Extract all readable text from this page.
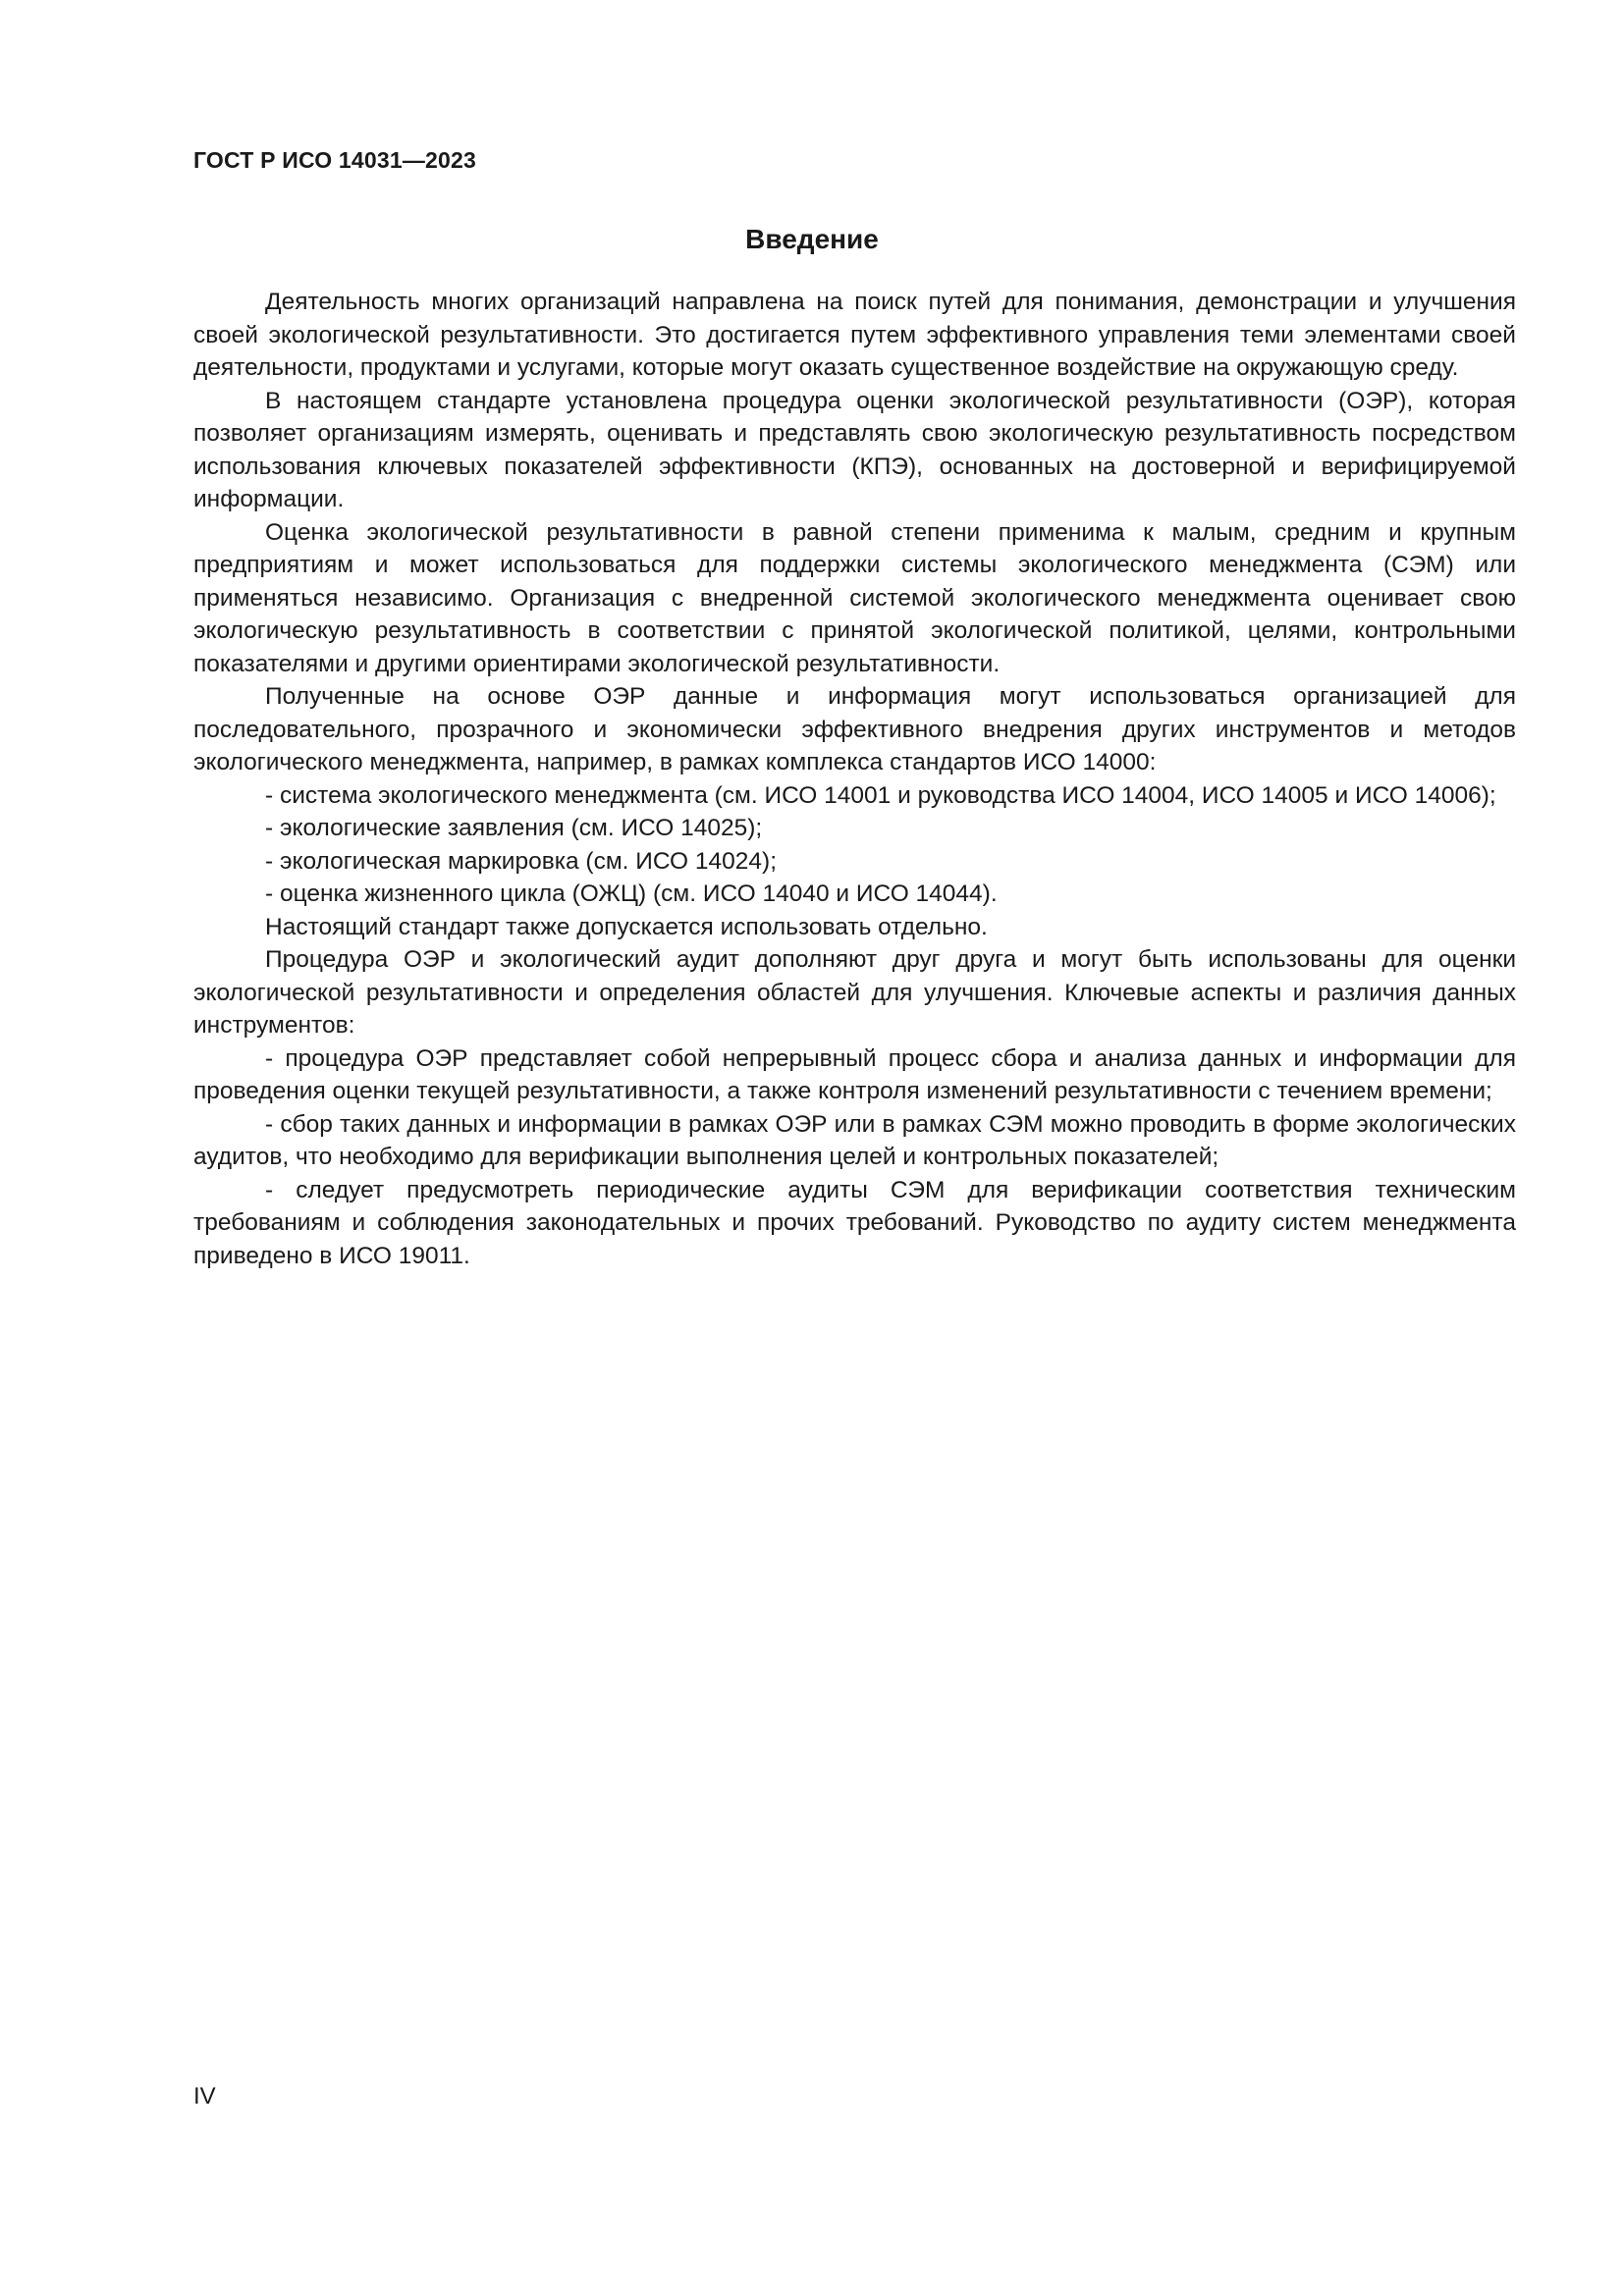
ГОСТ Р ИСО 14031—2023
Введение

Деятельность многих организаций направлена на поиск путей для понимания, демонстрации и улучшения своей экологической результативности. Это достигается путем эффективного управления теми элементами своей деятельности, продуктами и услугами, которые могут оказать существенное воздействие на окружающую среду.

В настоящем стандарте установлена процедура оценки экологической результативности (ОЭР), которая позволяет организациям измерять, оценивать и представлять свою экологическую результативность посредством использования ключевых показателей эффективности (КПЭ), основанных на достоверной и верифицируемой информации.

Оценка экологической результативности в равной степени применима к малым, средним и крупным предприятиям и может использоваться для поддержки системы экологического менеджмента (СЭМ) или применяться независимо. Организация с внедренной системой экологического менеджмента оценивает свою экологическую результативность в соответствии с принятой экологической политикой, целями, контрольными показателями и другими ориентирами экологической результативности.

Полученные на основе ОЭР данные и информация могут использоваться организацией для последовательного, прозрачного и экономически эффективного внедрения других инструментов и методов экологического менеджмента, например, в рамках комплекса стандартов ИСО 14000:

- система экологического менеджмента (см. ИСО 14001 и руководства ИСО 14004, ИСО 14005 и ИСО 14006);

- экологические заявления (см. ИСО 14025);

- экологическая маркировка (см. ИСО 14024);

- оценка жизненного цикла (ОЖЦ) (см. ИСО 14040 и ИСО 14044).

Настоящий стандарт также допускается использовать отдельно.

Процедура ОЭР и экологический аудит дополняют друг друга и могут быть использованы для оценки экологической результативности и определения областей для улучшения. Ключевые аспекты и различия данных инструментов:

- процедура ОЭР представляет собой непрерывный процесс сбора и анализа данных и информации для проведения оценки текущей результативности, а также контроля изменений результативности с течением времени;

- сбор таких данных и информации в рамках ОЭР или в рамках СЭМ можно проводить в форме экологических аудитов, что необходимо для верификации выполнения целей и контрольных показателей;

- следует предусмотреть периодические аудиты СЭМ для верификации соответствия техническим требованиям и соблюдения законодательных и прочих требований. Руководство по аудиту систем менеджмента приведено в ИСО 19011.

IV
